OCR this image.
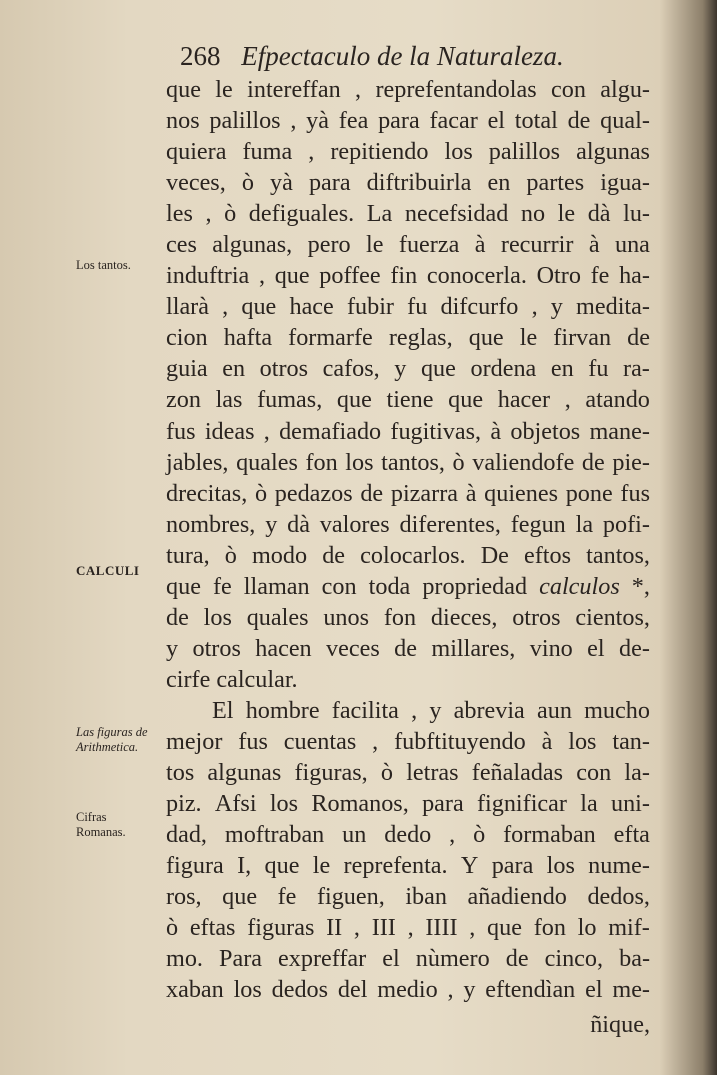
268 Efpectaculo de la Naturaleza.
Los tantos.
CALCULI
Las figuras de Arithmetica.
Cifras Romanas.
que le intereffan , reprefentandolas con algu-
nos palillos , yà fea para facar el total de qual-
quiera fuma , repitiendo los palillos algunas
veces, ò yà para diftribuirla en partes igua-
les , ò defiguales. La necefsidad no le dà lu-
ces algunas, pero le fuerza à recurrir à una
induftria , que poffee fin conocerla. Otro fe ha-
llarà , que hace fubir fu difcurfo , y medita-
cion hafta formarfe reglas, que le firvan de
guia en otros cafos, y que ordena en fu ra-
zon las fumas, que tiene que hacer , atando
fus ideas , demafiado fugitivas, à objetos mane-
jables, quales fon los tantos, ò valiendofe de pie-
drecitas, ò pedazos de pizarra à quienes pone fus
nombres, y dà valores diferentes, fegun la pofi-
tura, ò modo de colocarlos. De eftos tantos,
que fe llaman con toda propriedad calculos *,
de los quales unos fon dieces, otros cientos,
y otros hacen veces de millares, vino el de-
cirfe calcular.
El hombre facilita , y abrevia aun mucho
mejor fus cuentas , fubftituyendo à los tan-
tos algunas figuras, ò letras feñaladas con la-
piz. Afsi los Romanos, para fignificar la uni-
dad, moftraban un dedo , ò formaban efta
figura I, que le reprefenta. Y para los nume-
ros, que fe figuen, iban añadiendo dedos,
ò eftas figuras II , III , IIII , que fon lo mif-
mo. Para expreffar el nùmero de cinco, ba-
xaban los dedos del medio , y eftendìan el me-
ñique,
